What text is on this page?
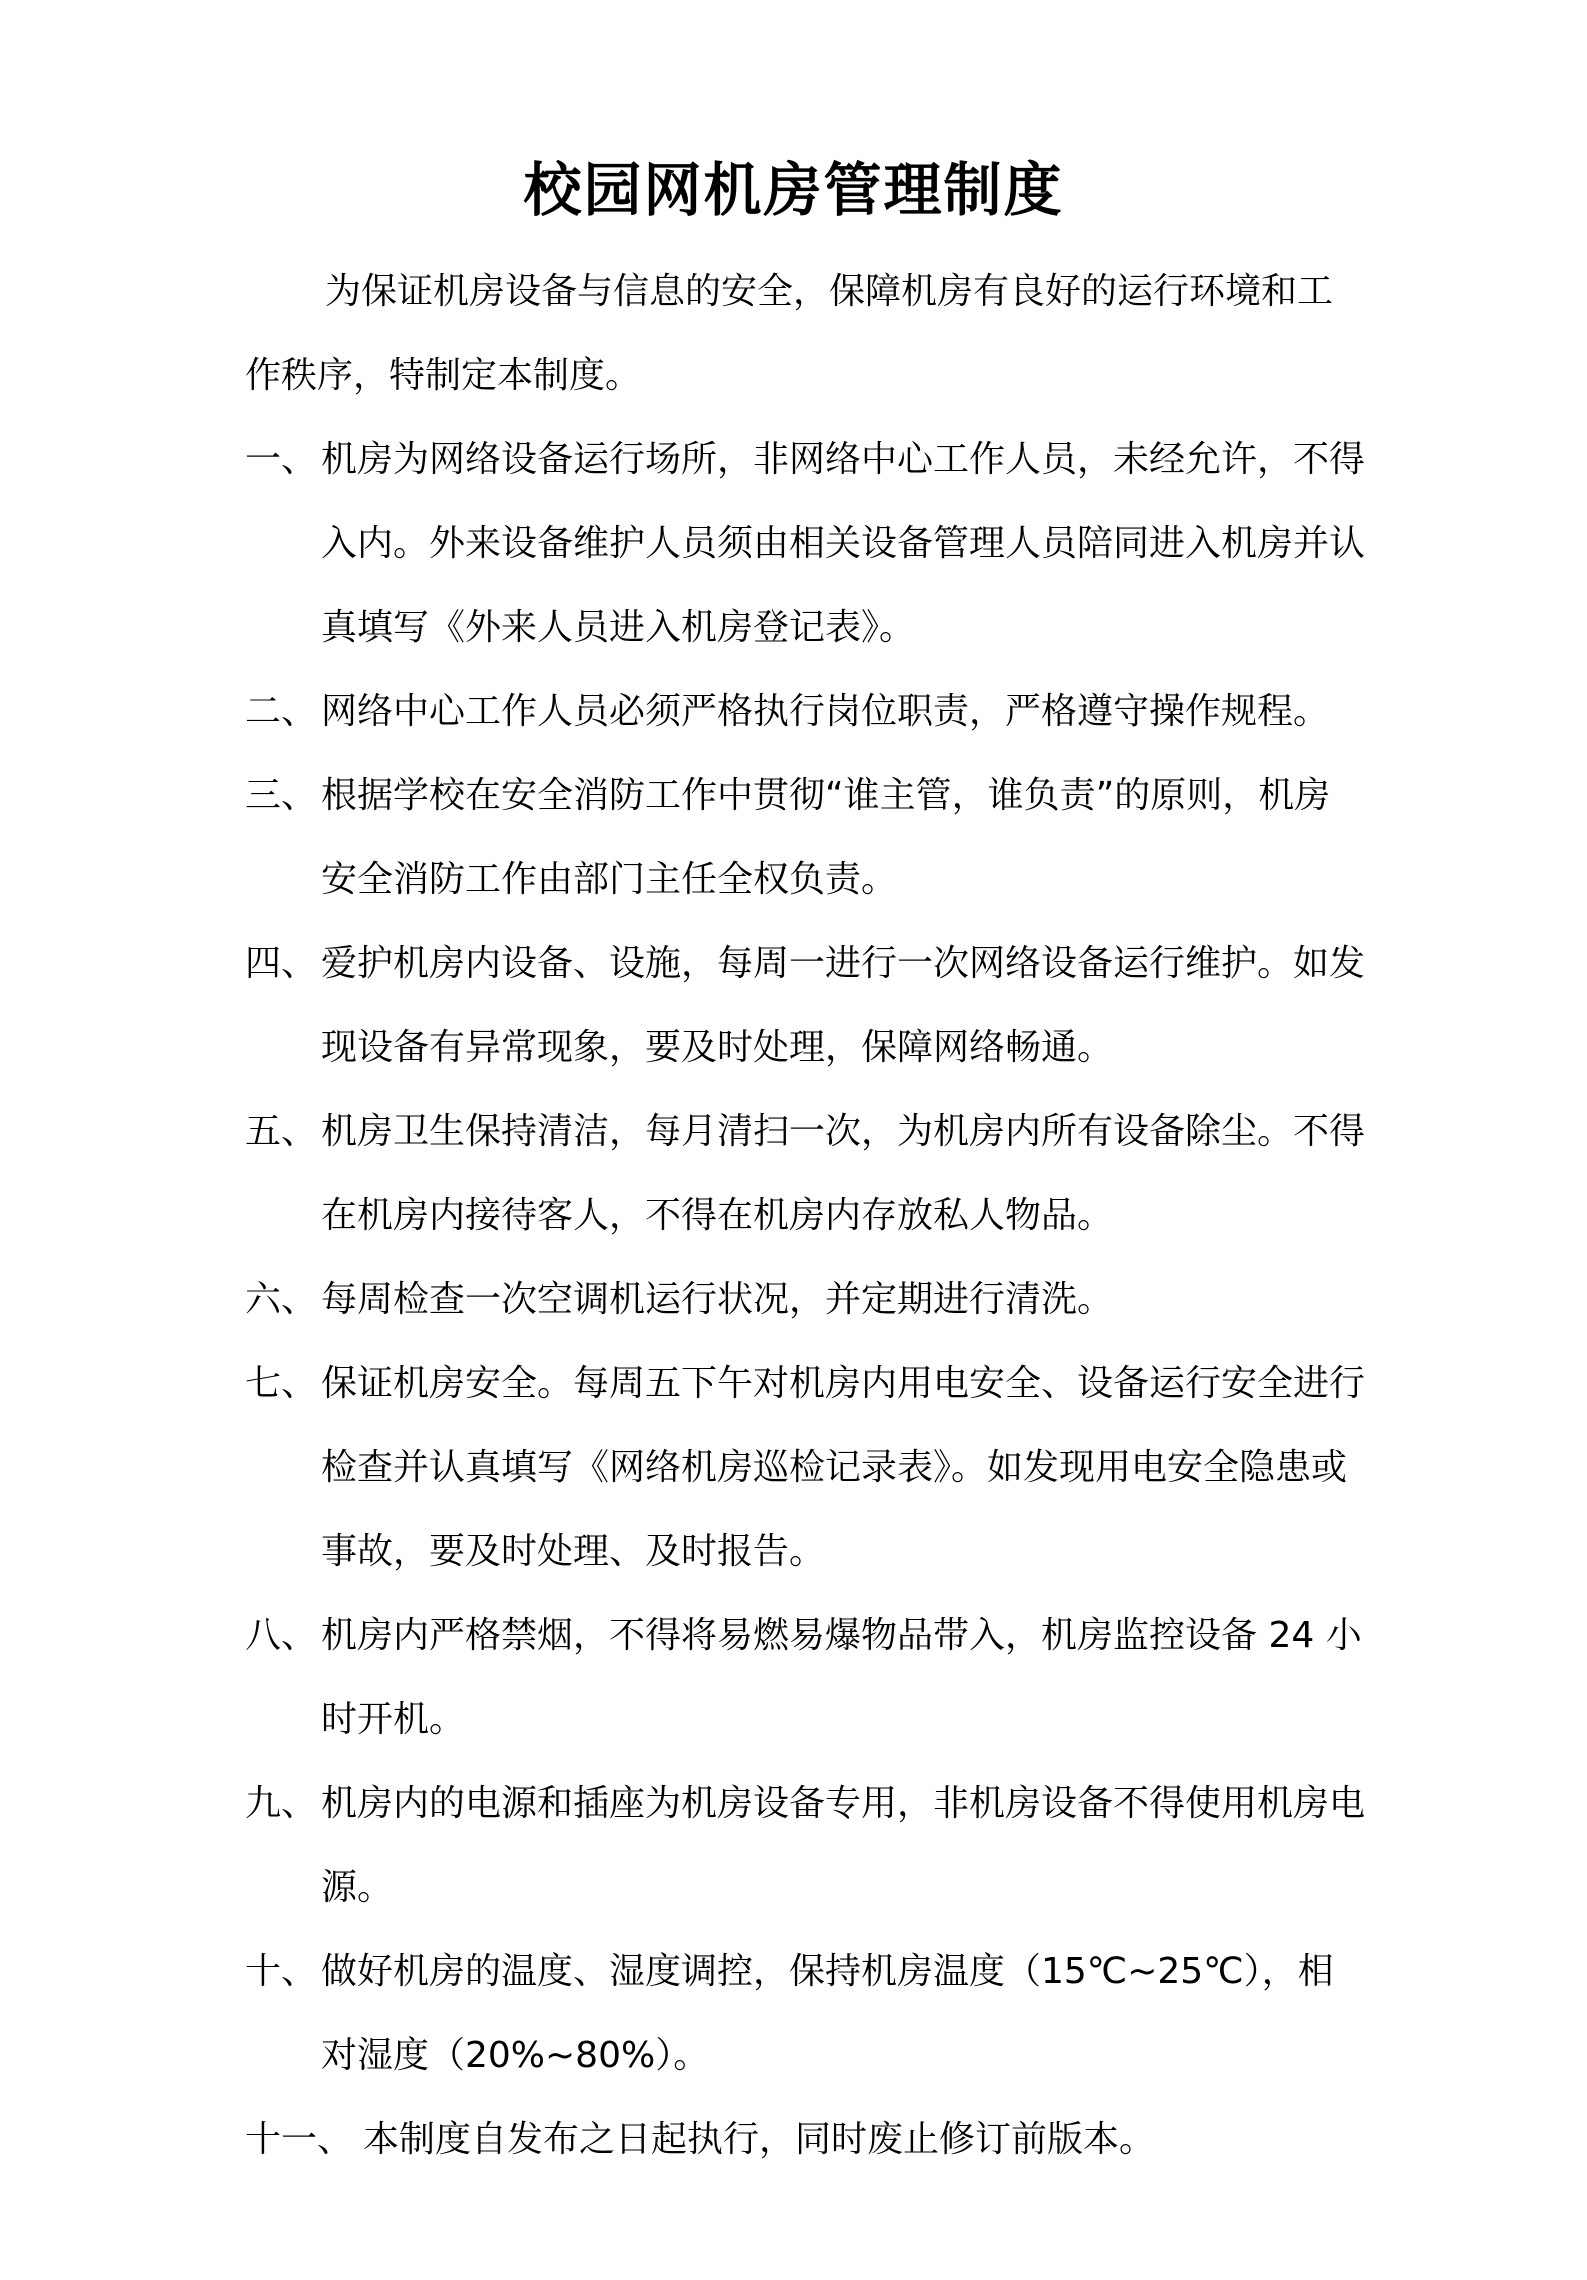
校园网机房管理制度

为保证机房设备与信息的安全，保障机房有良好的运行环境和工作秩序，特制定本制度。

一、 机房为网络设备运行场所，非网络中心工作人员，未经允许，不得入内。外来设备维护人员须由相关设备管理人员陪同进入机房并认真填写《外来人员进入机房登记表》。

二、 网络中心工作人员必须严格执行岗位职责，严格遵守操作规程。

三、 根据学校在安全消防工作中贯彻“谁主管，谁负责”的原则，机房安全消防工作由部门主任全权负责。

四、 爱护机房内设备、设施，每周一进行一次网络设备运行维护。如发现设备有异常现象，要及时处理，保障网络畅通。

五、 机房卫生保持清洁，每月清扫一次，为机房内所有设备除尘。不得在机房内接待客人，不得在机房内存放私人物品。

六、 每周检查一次空调机运行状况，并定期进行清洗。

七、 保证机房安全。每周五下午对机房内用电安全、设备运行安全进行检查并认真填写《网络机房巡检记录表》。如发现用电安全隐患或事故，要及时处理、及时报告。

八、 机房内严格禁烟，不得将易燃易爆物品带入，机房监控设备 24 小时开机。

九、 机房内的电源和插座为机房设备专用，非机房设备不得使用机房电源。

十、 做好机房的温度、湿度调控，保持机房温度（15℃~25℃），相对湿度（20%~80%）。

十一、 本制度自发布之日起执行，同时废止修订前版本。
